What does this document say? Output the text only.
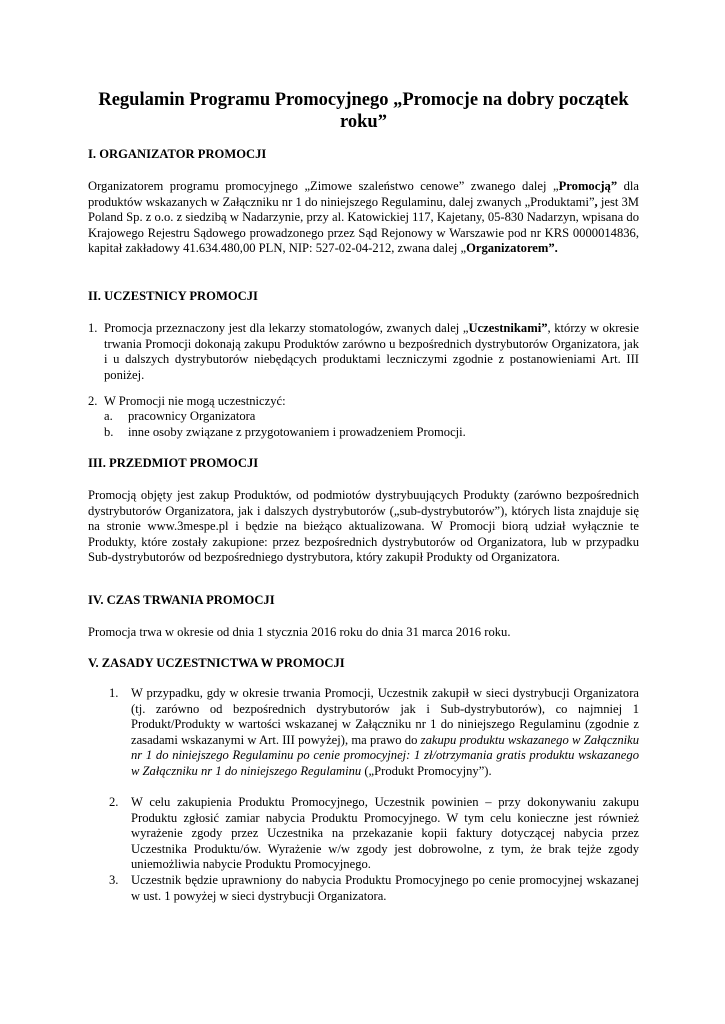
Regulamin Programu Promocyjnego „Promocje na dobry początek roku”
I. ORGANIZATOR PROMOCJI

Organizatorem programu promocyjnego „Zimowe szaleństwo cenowe” zwanego dalej „Promocją” dla produktów wskazanych w Załączniku nr 1 do niniejszego Regulaminu, dalej zwanych „Produktami”, jest 3M Poland Sp. z o.o. z siedzibą w Nadarzynie, przy al. Katowickiej 117, Kajetany, 05-830 Nadarzyn, wpisana do Krajowego Rejestru Sądowego prowadzonego przez Sąd Rejonowy w Warszawie pod nr KRS 0000014836, kapitał zakładowy 41.634.480,00 PLN, NIP: 527-02-04-212, zwana dalej „Organizatorem”.

II. UCZESTNICY PROMOCJI
1. Promocja przeznaczony jest dla lekarzy stomatologów, zwanych dalej „Uczestnikami”, którzy w okresie trwania Promocji dokonają zakupu Produktów zarówno u bezpośrednich dystrybutorów Organizatora, jak i u dalszych dystrybutorów niebędących produktami leczniczymi zgodnie z postanowieniami Art. III poniżej.
2. W Promocji nie mogą uczestniczyć:
a. pracownicy Organizatora
b. inne osoby związane z przygotowaniem i prowadzeniem Promocji.
III. PRZEDMIOT PROMOCJI

Promocją objęty jest zakup Produktów, od podmiotów dystrybuujących Produkty (zarówno bezpośrednich dystrybutorów Organizatora, jak i dalszych dystrybutorów („sub-dystrybutorów”), których lista znajduje się na stronie www.3mespe.pl i będzie na bieżąco aktualizowana. W Promocji biorą udział wyłącznie te Produkty, które zostały zakupione: przez bezpośrednich dystrybutorów od Organizatora, lub w przypadku Sub-dystrybutorów od bezpośredniego dystrybutora, który zakupił Produkty od Organizatora.

IV. CZAS TRWANIA PROMOCJI

Promocja trwa w okresie od dnia 1 stycznia 2016 roku do dnia 31 marca 2016 roku.

V. ZASADY UCZESTNICTWA W PROMOCJI
1. W przypadku, gdy w okresie trwania Promocji, Uczestnik zakupił w sieci dystrybucji Organizatora (tj. zarówno od bezpośrednich dystrybutorów jak i Sub-dystrybutorów), co najmniej 1 Produkt/Produkty w wartości wskazanej w Załączniku nr 1 do niniejszego Regulaminu (zgodnie z zasadami wskazanymi w Art. III powyżej), ma prawo do zakupu produktu wskazanego w Załączniku nr 1 do niniejszego Regulaminu po cenie promocyjnej: 1 zł/otrzymania gratis produktu wskazanego w Załączniku nr 1 do niniejszego Regulaminu („Produkt Promocyjny”).
2. W celu zakupienia Produktu Promocyjnego, Uczestnik powinien – przy dokonywaniu zakupu Produktu zgłosić zamiar nabycia Produktu Promocyjnego. W tym celu konieczne jest również wyrażenie zgody przez Uczestnika na przekazanie kopii faktury dotyczącej nabycia przez Uczestnika Produktu/ów. Wyrażenie w/w zgody jest dobrowolne, z tym, że brak tejże zgody uniemożliwia nabycie Produktu Promocyjnego.
3. Uczestnik będzie uprawniony do nabycia Produktu Promocyjnego po cenie promocyjnej wskazanej w ust. 1 powyżej w sieci dystrybucji Organizatora.
